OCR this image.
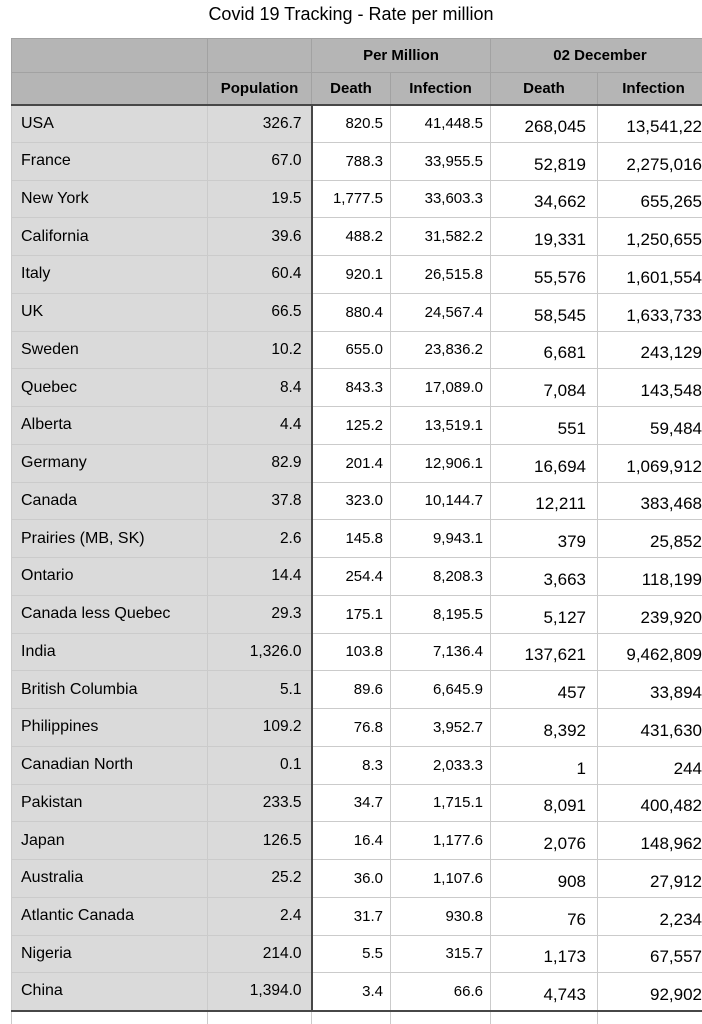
Covid 19 Tracking - Rate per million
		Per Million		02 December	
	Population	Death	Infection	Death	Infection
USA	326.7	820.5	41,448.5	268,045	13,541,22
France	67.0	788.3	33,955.5	52,819	2,275,016
New York	19.5	1,777.5	33,603.3	34,662	655,265
California	39.6	488.2	31,582.2	19,331	1,250,655
Italy	60.4	920.1	26,515.8	55,576	1,601,554
UK	66.5	880.4	24,567.4	58,545	1,633,733
Sweden	10.2	655.0	23,836.2	6,681	243,129
Quebec	8.4	843.3	17,089.0	7,084	143,548
Alberta	4.4	125.2	13,519.1	551	59,484
Germany	82.9	201.4	12,906.1	16,694	1,069,912
Canada	37.8	323.0	10,144.7	12,211	383,468
Prairies (MB, SK)	2.6	145.8	9,943.1	379	25,852
Ontario	14.4	254.4	8,208.3	3,663	118,199
Canada less Quebec	29.3	175.1	8,195.5	5,127	239,920
India	1,326.0	103.8	7,136.4	137,621	9,462,809
British Columbia	5.1	89.6	6,645.9	457	33,894
Philippines	109.2	76.8	3,952.7	8,392	431,630
Canadian North	0.1	8.3	2,033.3	1	244
Pakistan	233.5	34.7	1,715.1	8,091	400,482
Japan	126.5	16.4	1,177.6	2,076	148,962
Australia	25.2	36.0	1,107.6	908	27,912
Atlantic Canada	2.4	31.7	930.8	76	2,234
Nigeria	214.0	5.5	315.7	1,173	67,557
China	1,394.0	3.4	66.6	4,743	92,902
